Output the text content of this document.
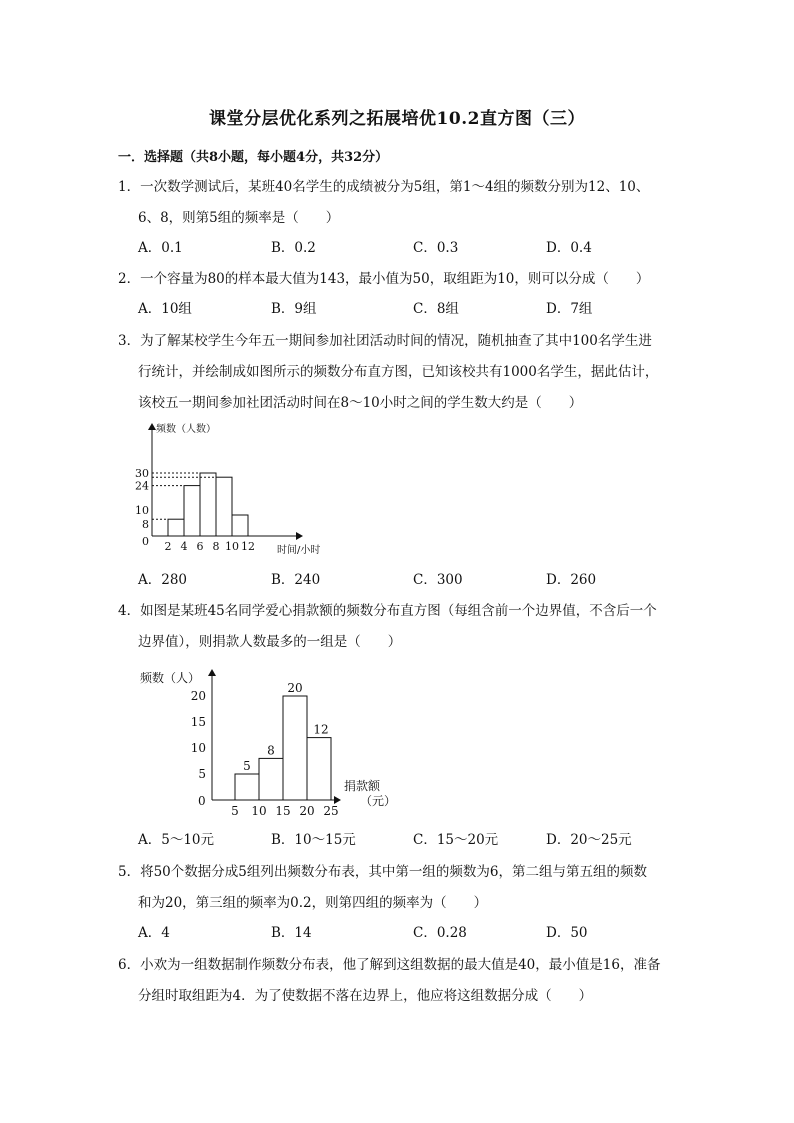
课堂分层优化系列之拓展培优10.2直方图（三）
一．选择题（共8小题，每小题4分，共32分）
1．一次数学测试后，某班40名学生的成绩被分为5组，第1～4组的频数分别为12、10、
6、8，则第5组的频率是（　　）
A．0.1	B．0.2	C．0.3	D．0.4
2．一个容量为80的样本最大值为143，最小值为50，取组距为10，则可以分成（　　）
A．10组	B．9组	C．8组	D．7组
3．为了解某校学生今年五一期间参加社团活动时间的情况，随机抽查了其中100名学生进
行统计，并绘制成如图所示的频数分布直方图，已知该校共有1000名学生，据此估计，
该校五一期间参加社团活动时间在8～10小时之间的学生数大约是（　　）
频数（人数）
时间/小时
0
30
24
10
8
2 4 6 8 10 12
A．280	B．240	C．300	D．260
4．如图是某班45名同学爱心捐款额的频数分布直方图（每组含前一个边界值，不含后一个
边界值），则捐款人数最多的一组是（　　）
频数（人）
捐款额
（元）
0
5
8
20
12
20
15
10
5
5 10 15 20 25
A．5～10元	B．10～15元	C．15～20元	D．20～25元
5．将50个数据分成5组列出频数分布表，其中第一组的频数为6，第二组与第五组的频数
和为20，第三组的频率为0.2，则第四组的频率为（　　）
A．4	B．14	C．0.28	D．50
6．小欢为一组数据制作频数分布表，他了解到这组数据的最大值是40，最小值是16，准备
分组时取组距为4．为了使数据不落在边界上，他应将这组数据分成（　　）
